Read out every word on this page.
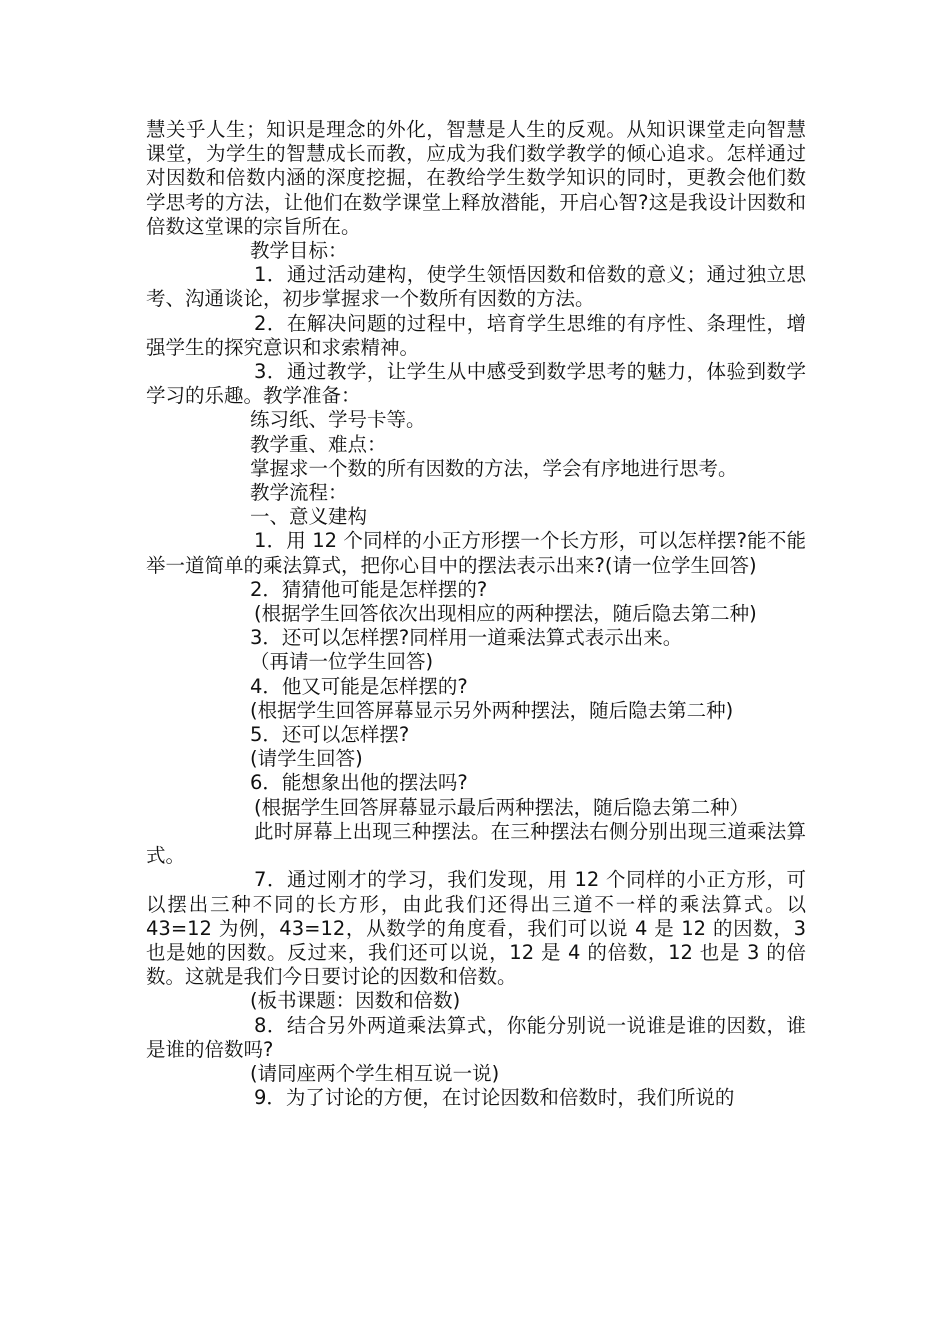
慧关乎人生；知识是理念的外化，智慧是人生的反观。从知识课堂走向智慧课堂，为学生的智慧成长而教，应成为我们数学教学的倾心追求。怎样通过对因数和倍数内涵的深度挖掘，在教给学生数学知识的同时，更教会他们数学思考的方法，让他们在数学课堂上释放潜能，开启心智?这是我设计因数和倍数这堂课的宗旨所在。

教学目标：

1．通过活动建构，使学生领悟因数和倍数的意义；通过独立思考、沟通谈论，初步掌握求一个数所有因数的方法。

2．在解决问题的过程中，培育学生思维的有序性、条理性，增强学生的探究意识和求索精神。

3．通过教学，让学生从中感受到数学思考的魅力，体验到数学学习的乐趣。教学准备：

练习纸、学号卡等。

教学重、难点：

掌握求一个数的所有因数的方法，学会有序地进行思考。

教学流程：

一、意义建构

1．用 12 个同样的小正方形摆一个长方形，可以怎样摆?能不能举一道简单的乘法算式，把你心目中的摆法表示出来?(请一位学生回答)

2．猜猜他可能是怎样摆的?

(根据学生回答依次出现相应的两种摆法，随后隐去第二种)

3．还可以怎样摆?同样用一道乘法算式表示出来。

（再请一位学生回答)

4．他又可能是怎样摆的?

(根据学生回答屏幕显示另外两种摆法，随后隐去第二种)

5．还可以怎样摆?

(请学生回答)

6．能想象出他的摆法吗?

(根据学生回答屏幕显示最后两种摆法，随后隐去第二种）

此时屏幕上出现三种摆法。在三种摆法右侧分别出现三道乘法算式。

7．通过刚才的学习，我们发现，用 12 个同样的小正方形，可以摆出三种不同的长方形，由此我们还得出三道不一样的乘法算式。以 43=12 为例，43=12，从数学的角度看，我们可以说 4 是 12 的因数，3 也是她的因数。反过来，我们还可以说，12 是 4 的倍数，12 也是 3 的倍数。这就是我们今日要讨论的因数和倍数。

(板书课题：因数和倍数)

8．结合另外两道乘法算式，你能分别说一说谁是谁的因数，谁是谁的倍数吗?

(请同座两个学生相互说一说)

9．为了讨论的方便，在讨论因数和倍数时，我们所说的
